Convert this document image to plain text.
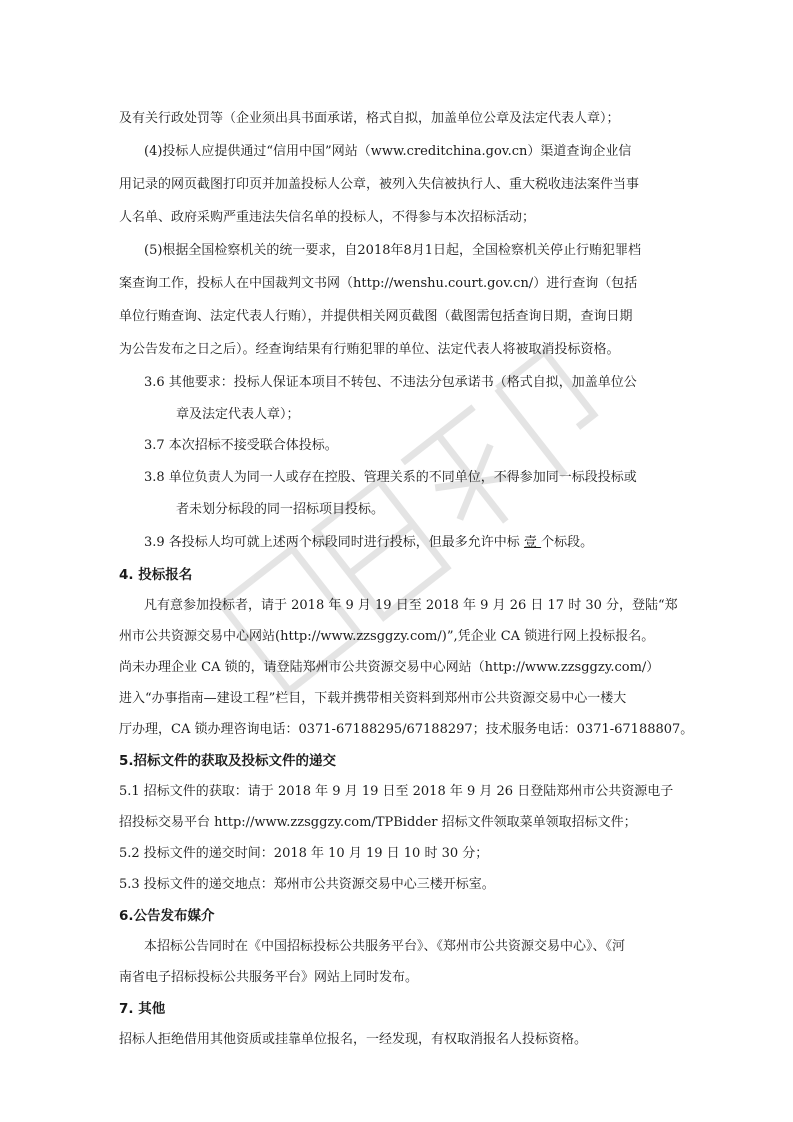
及有关行政处罚等（企业须出具书面承诺，格式自拟，加盖单位公章及法定代表人章）；
(4)投标人应提供通过“信用中国”网站（www.creditchina.gov.cn）渠道查询企业信
用记录的网页截图打印页并加盖投标人公章，被列入失信被执行人、重大税收违法案件当事
人名单、政府采购严重违法失信名单的投标人，不得参与本次招标活动；
(5)根据全国检察机关的统一要求，自2018年8月1日起，全国检察机关停止行贿犯罪档
案查询工作，投标人在中国裁判文书网（http://wenshu.court.gov.cn/）进行查询（包括
单位行贿查询、法定代表人行贿），并提供相关网页截图（截图需包括查询日期，查询日期
为公告发布之日之后）。经查询结果有行贿犯罪的单位、法定代表人将被取消投标资格。
3.6 其他要求：投标人保证本项目不转包、不违法分包承诺书（格式自拟，加盖单位公
章及法定代表人章）；
3.7 本次招标不接受联合体投标。
3.8 单位负责人为同一人或存在控股、管理关系的不同单位，不得参加同一标段投标或
者未划分标段的同一招标项目投标。
3.9 各投标人均可就上述两个标段同时进行投标，但最多允许中标 壹 个标段。
4. 投标报名
凡有意参加投标者，请于 2018 年 9 月 19 日至 2018 年 9 月 26 日 17 时 30 分，登陆“郑
州市公共资源交易中心网站(http://www.zzsggzy.com/)”,凭企业 CA 锁进行网上投标报名。
尚未办理企业 CA 锁的，请登陆郑州市公共资源交易中心网站（http://www.zzsggzy.com/）
进入“办事指南—建设工程”栏目，下载并携带相关资料到郑州市公共资源交易中心一楼大
厅办理，CA 锁办理咨询电话：0371-67188295/67188297；技术服务电话：0371-67188807。
5.招标文件的获取及投标文件的递交
5.1 招标文件的获取：请于 2018 年 9 月 19 日至 2018 年 9 月 26 日登陆郑州市公共资源电子
招投标交易平台 http://www.zzsggzy.com/TPBidder 招标文件领取菜单领取招标文件；
5.2 投标文件的递交时间：2018 年 10 月 19 日 10 时 30 分；
5.3 投标文件的递交地点：郑州市公共资源交易中心三楼开标室。
6.公告发布媒介
本招标公告同时在《中国招标投标公共服务平台》、《郑州市公共资源交易中心》、《河
南省电子招标投标公共服务平台》网站上同时发布。
7. 其他
招标人拒绝借用其他资质或挂靠单位报名，一经发现，有权取消报名人投标资格。
